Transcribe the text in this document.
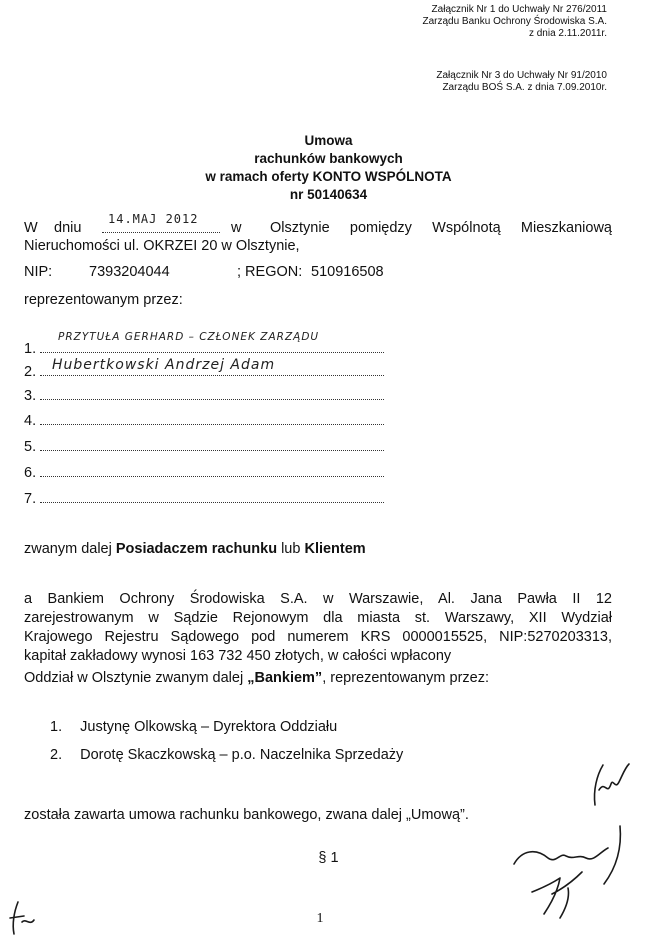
Załącznik Nr 1 do Uchwały Nr 276/2011
Zarządu Banku Ochrony Środowiska S.A.
z dnia 2.11.2011r.
Załącznik Nr 3 do Uchwały Nr 91/2010
Zarządu BOŚ S.A. z dnia 7.09.2010r.
Umowa
rachunków bankowych
w ramach oferty KONTO WSPÓLNOTA
nr 50140634
W dniu
14.MAJ 2012
w Olsztynie pomiędzy Wspólnotą Mieszkaniową
Nieruchomości ul. OKRZEI 20 w Olsztynie,
NIP:	7393204044	; REGON: 510916508
reprezentowanym przez:
1.
PRZYTUŁA GERHARD – CZŁONEK ZARZĄDU
2. Hubertkowski Andrzej Adam
3.
4.
5.
6.
7.
zwanym dalej Posiadaczem rachunku lub Klientem
a Bankiem Ochrony Środowiska S.A. w Warszawie, Al. Jana Pawła II 12
zarejestrowanym w Sądzie Rejonowym dla miasta st. Warszawy, XII Wydział
Krajowego Rejestru Sądowego pod numerem KRS 0000015525, NIP:5270203313,
kapitał zakładowy wynosi 163 732 450 złotych, w całości wpłacony
Oddział w Olsztynie zwanym dalej „Bankiem”, reprezentowanym przez:
1. Justynę Olkowską – Dyrektora Oddziału
2. Dorotę Skaczkowską – p.o. Naczelnika Sprzedaży
została zawarta umowa rachunku bankowego, zwana dalej „Umową”.
§ 1
1
